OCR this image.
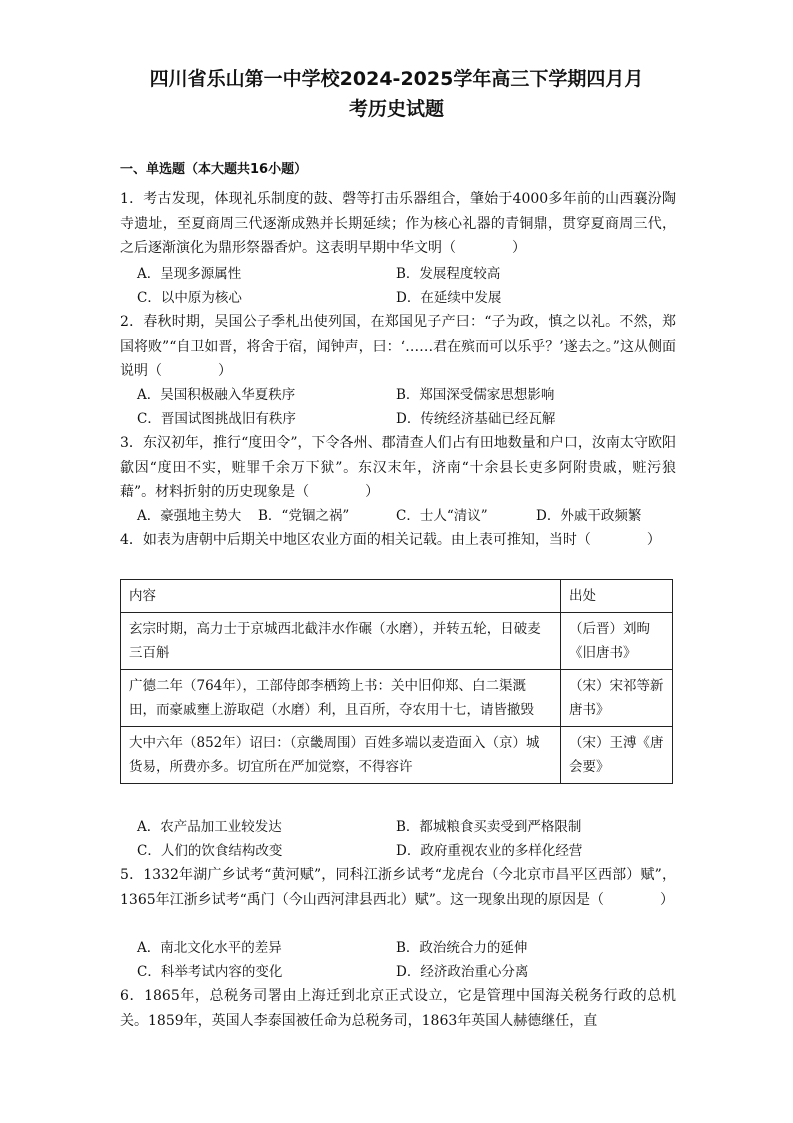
四川省乐山第一中学校2024-2025学年高三下学期四月月
考历史试题
一、单选题（本大题共16小题）

1．考古发现，体现礼乐制度的鼓、磬等打击乐器组合，肇始于4000多年前的山西襄汾陶寺遗址，至夏商周三代逐渐成熟并长期延续；作为核心礼器的青铜鼎，贯穿夏商周三代，之后逐渐演化为鼎形祭器香炉。这表明早期中华文明（　　　　）

A．呈现多源属性	B．发展程度较高
C．以中原为核心	D．在延续中发展

2．春秋时期，吴国公子季札出使列国，在郑国见子产曰：“子为政，慎之以礼。不然，郑国将败”“自卫如晋，将舍于宿，闻钟声，曰：‘……君在殡而可以乐乎？’遂去之。”这从侧面说明（　　　　）

A．吴国积极融入华夏秩序	B．郑国深受儒家思想影响
C．晋国试图挑战旧有秩序	D．传统经济基础已经瓦解

3．东汉初年，推行“度田令”，下令各州、郡清查人们占有田地数量和户口，汝南太守欧阳歙因“度田不实，赃罪千余万下狱”。东汉末年，济南“十余县长吏多阿附贵戚，赃污狼藉”。材料折射的历史现象是（　　　　）

A．豪强地主势大 B．“党锢之祸”	C．士人“清议”	D．外戚干政频繁

4．如表为唐朝中后期关中地区农业方面的相关记载。由上表可推知，当时（　　　　）

内容	出处
玄宗时期，高力士于京城西北截沣水作碾（水磨），并转五轮，日破麦三百斛	（后晋）刘昫《旧唐书》
广德二年（764年），工部侍郎李栖筠上书：关中旧仰郑、白二渠溉田，而豪戚壅上游取硙（水磨）利，且百所，夺农用十七，请皆撤毁	（宋）宋祁等新唐书》
大中六年（852年）诏曰：（京畿周围）百姓多端以麦造面入（京）城货易，所费亦多。切宜所在严加觉察，不得容许	（宋）王溥《唐会要》
A．农产品加工业较发达	B．都城粮食买卖受到严格限制
C．人们的饮食结构改变	D．政府重视农业的多样化经营

5．1332年湖广乡试考“黄河赋”，同科江浙乡试考“龙虎台（今北京市昌平区西部）赋”，1365年江浙乡试考“禹门（今山西河津县西北）赋”。这一现象出现的原因是（　　　　）

A．南北文化水平的差异	B．政治统合力的延伸
C．科举考试内容的变化	D．经济政治重心分离

6．1865年，总税务司署由上海迁到北京正式设立，它是管理中国海关税务行政的总机关。1859年，英国人李泰国被任命为总税务司，1863年英国人赫德继任，直
